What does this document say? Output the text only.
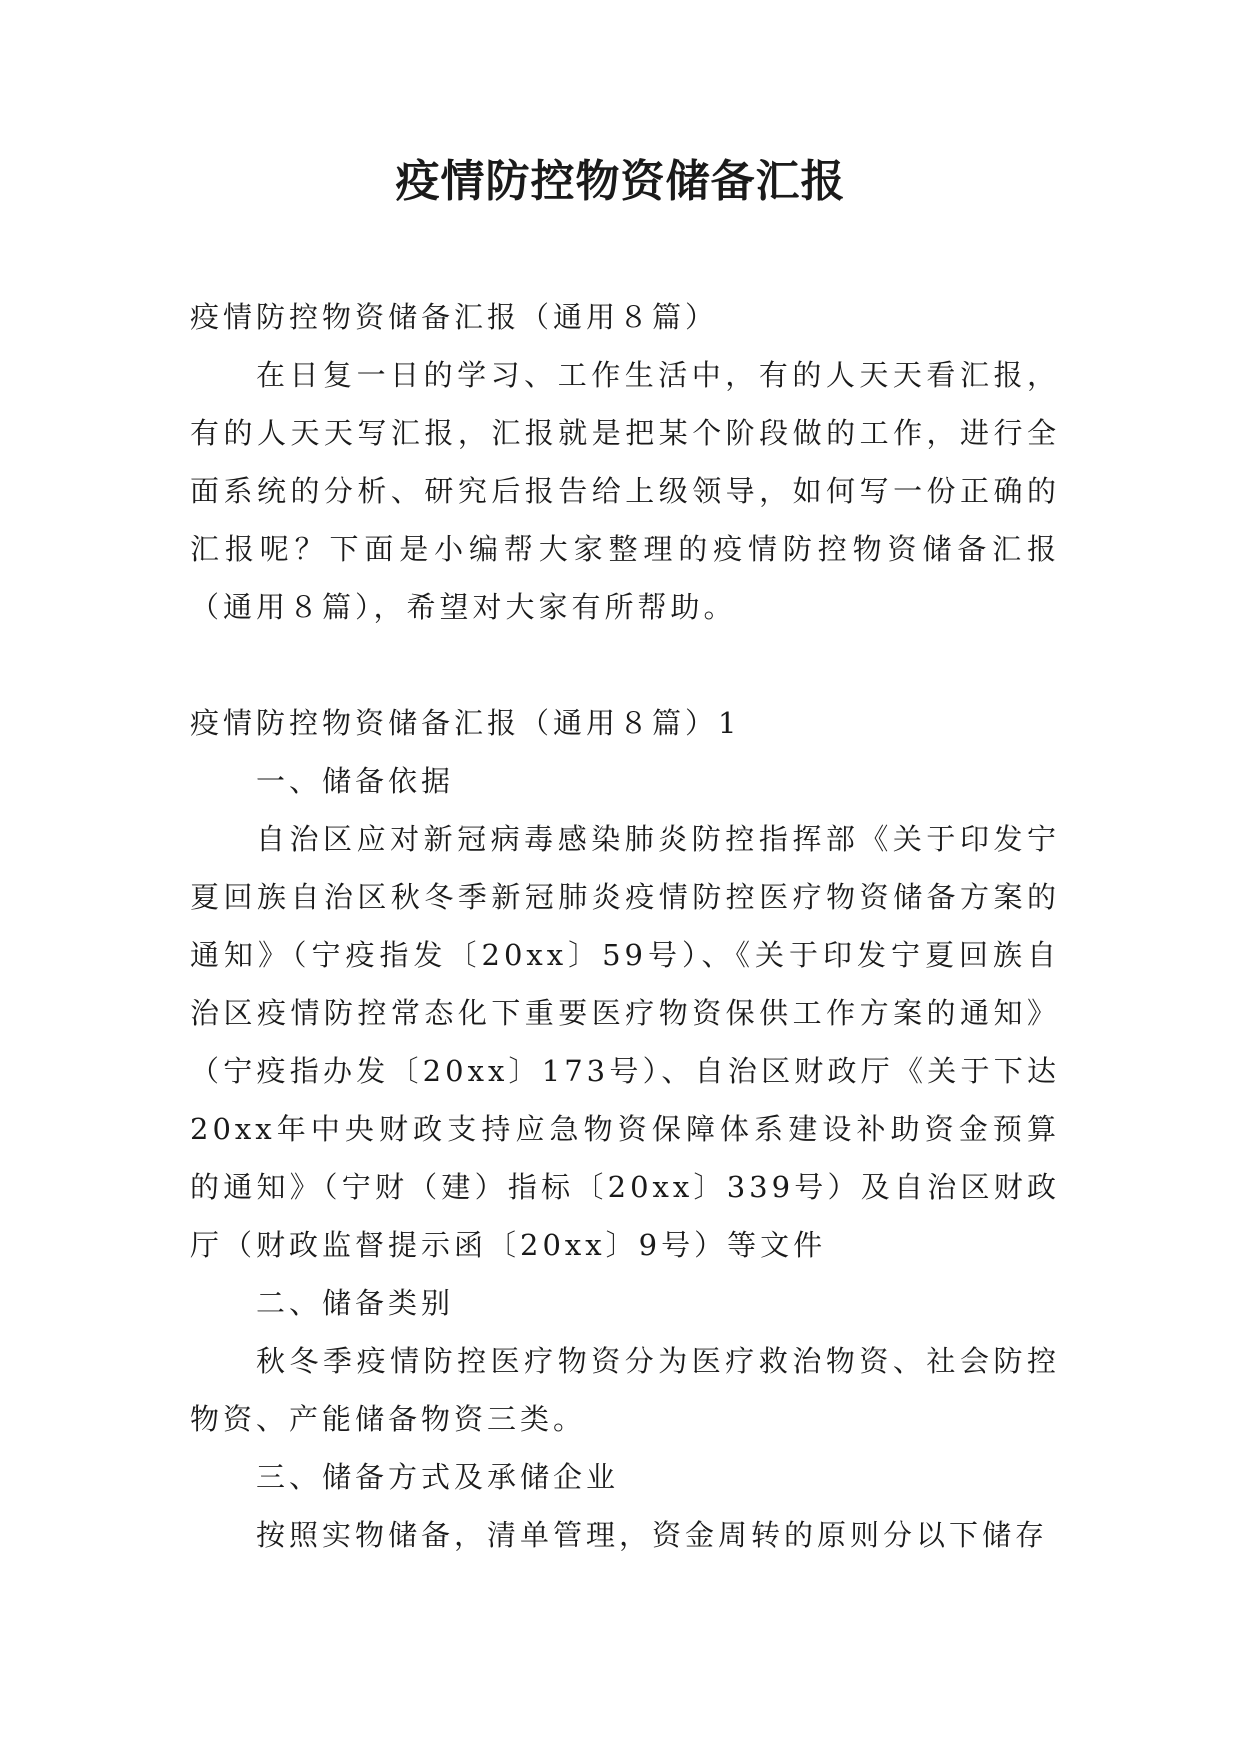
疫情防控物资储备汇报

疫情防控物资储备汇报（通用８篇）

在日复一日的学习、工作生活中，有的人天天看汇报，有的人天天写汇报，汇报就是把某个阶段做的工作，进行全面系统的分析、研究后报告给上级领导，如何写一份正确的汇报呢？下面是小编帮大家整理的疫情防控物资储备汇报（通用８篇），希望对大家有所帮助。

疫情防控物资储备汇报（通用８篇）1

一、储备依据

自治区应对新冠病毒感染肺炎防控指挥部《关于印发宁夏回族自治区秋冬季新冠肺炎疫情防控医疗物资储备方案的通知》（宁疫指发〔20xx〕59号）、《关于印发宁夏回族自治区疫情防控常态化下重要医疗物资保供工作方案的通知》（宁疫指办发〔20xx〕173号）、自治区财政厅《关于下达20xx年中央财政支持应急物资保障体系建设补助资金预算的通知》（宁财（建）指标〔20xx〕339号）及自治区财政厅（财政监督提示函〔20xx〕9号）等文件

二、储备类别

秋冬季疫情防控医疗物资分为医疗救治物资、社会防控物资、产能储备物资三类。

三、储备方式及承储企业

按照实物储备，清单管理，资金周转的原则分以下储存
